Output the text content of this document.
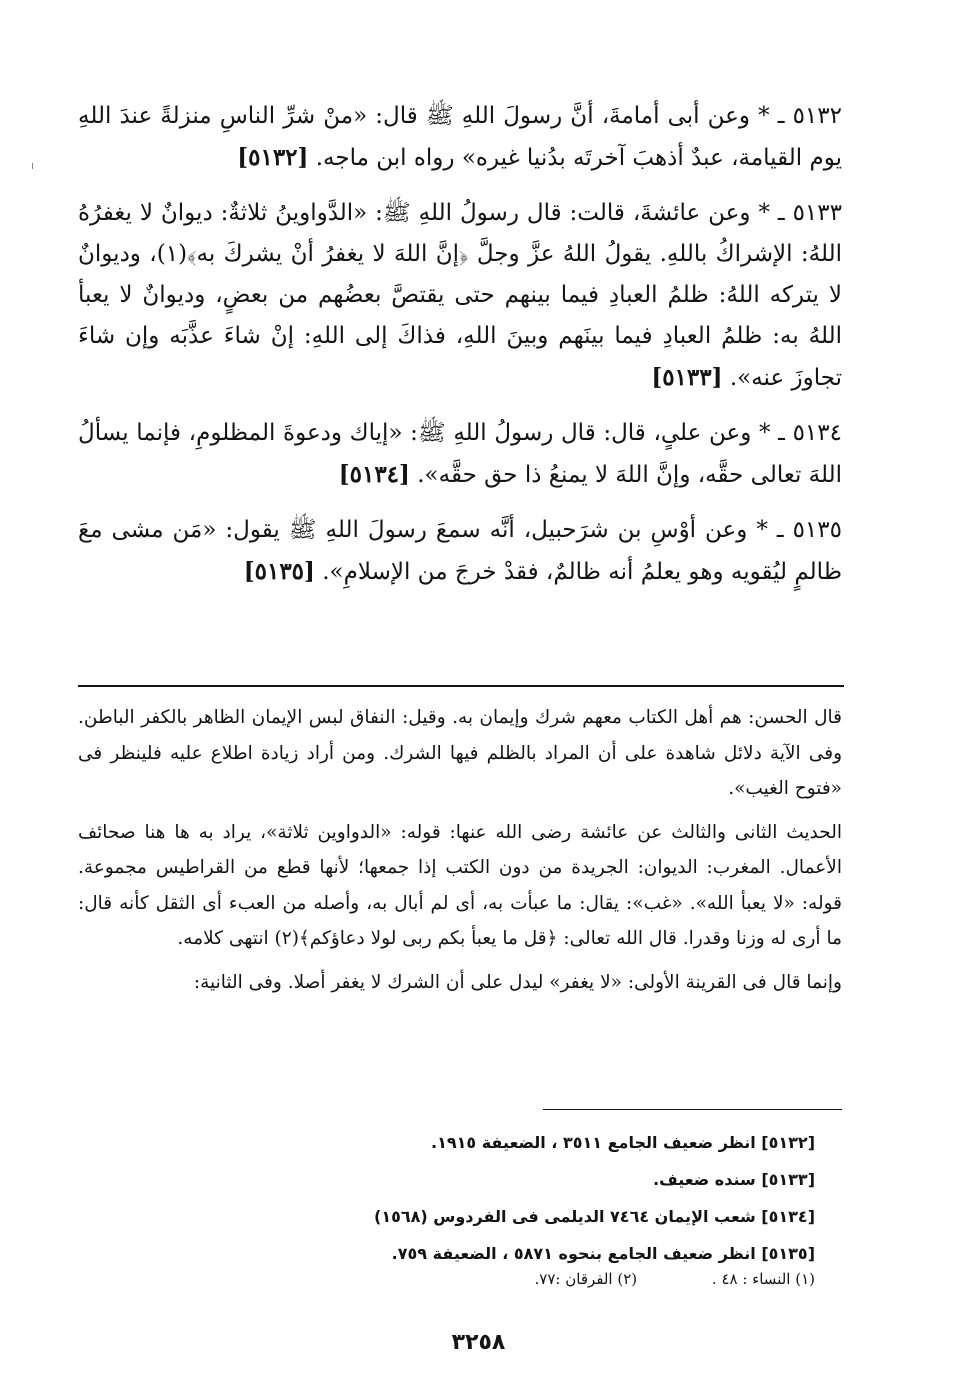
٥١٣٢ ـ * وعن أبى أمامةَ، أنَّ رسولَ اللهِ ﷺ قال: «منْ شرِّ الناسِ منزلةً عندَ اللهِ يوم القيامة، عبدٌ أذهبَ آخرتَه بدُنيا غيره» رواه ابن ماجه. [٥١٣٢]

٥١٣٣ ـ * وعن عائشةَ، قالت: قال رسولُ اللهِ ﷺ: «الدَّواوينُ ثلاثةٌ: ديوانٌ لا يغفرُهُ اللهُ: الإشراكُ باللهِ. يقولُ اللهُ عزَّ وجلَّ ﴿إنَّ اللهَ لا يغفرُ أنْ يشركَ به﴾(١)، وديوانٌ لا يتركه اللهُ: ظلمُ العبادِ فيما بينهم حتى يقتصَّ بعضُهم من بعضٍ، وديوانٌ لا يعبأ اللهُ به: ظلمُ العبادِ فيما بينَهم وبينَ اللهِ، فذاكَ إلى اللهِ: إنْ شاءَ عذَّبَه وإن شاءَ تجاوزَ عنه». [٥١٣٣]

٥١٣٤ ـ * وعن علىٍ، قال: قال رسولُ اللهِ ﷺ: «إياك ودعوةَ المظلومِ، فإنما يسألُ اللهَ تعالى حقَّه، وإنَّ اللهَ لا يمنعُ ذا حق حقَّه». [٥١٣٤]

٥١٣٥ ـ * وعن أوْسِ بن شرَحبيل، أنَّه سمعَ رسولَ اللهِ ﷺ يقول: «مَن مشى معَ ظالمٍ ليُقويه وهو يعلمُ أنه ظالمٌ، فقدْ خرجَ من الإسلامِ». [٥١٣٥]

قال الحسن: هم أهل الكتاب معهم شرك وإيمان به. وقيل: النفاق لبس الإيمان الظاهر بالكفر الباطن. وفى الآية دلائل شاهدة على أن المراد بالظلم فيها الشرك. ومن أراد زيادة اطلاع عليه فلينظر فى «فتوح الغيب».

الحديث الثانى والثالث عن عائشة رضى الله عنها: قوله: «الدواوين ثلاثة»، يراد به ها هنا صحائف الأعمال. المغرب: الديوان: الجريدة من دون الكتب إذا جمعها؛ لأنها قطع من القراطيس مجموعة. قوله: «لا يعبأ الله». «غب»: يقال: ما عبأت به، أى لم أبال به، وأصله من العبء أى الثقل كأنه قال: ما أرى له وزنا وقدرا. قال الله تعالى: ﴿قل ما يعبأ بكم ربى لولا دعاؤكم﴾(٢) انتهى كلامه.

وإنما قال فى القرينة الأولى: «لا يغفر» ليدل على أن الشرك لا يغفر أصلا. وفى الثانية:

[٥١٣٢] انظر ضعيف الجامع ٣٥١١ ، الضعيفة ١٩١٥.
[٥١٣٣] سنده ضعيف.
[٥١٣٤] شعب الإيمان ٧٤٦٤ الديلمى فى الفردوس (١٥٦٨)
[٥١٣٥] انظر ضعيف الجامع بنحوه ٥٨٧١ ، الضعيفة ٧٥٩.
(١) النساء : ٤٨ . (٢) الفرقان :٧٧.
٣٢٥٨
